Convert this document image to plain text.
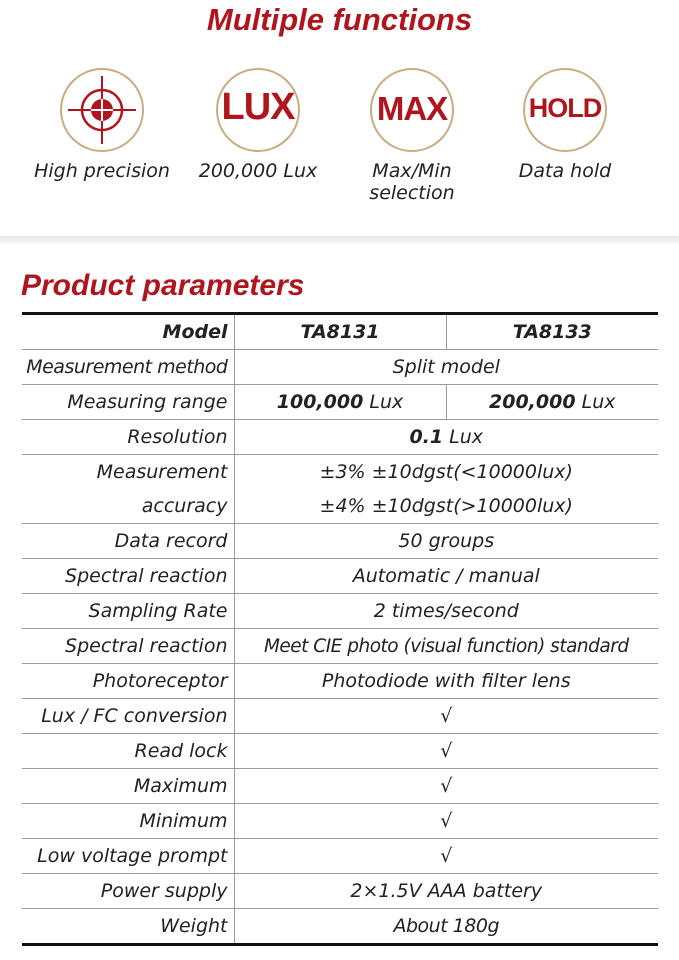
Multiple functions
High precision
LUX
200,000 Lux
MAX
Max/Min selection
HOLD
Data hold
Product parameters
Model	TA8131	TA8133
Measurement method	Split model	
Measuring range	100,000 Lux	200,000 Lux
Resolution	0.1 Lux	
Measurement	±3% ±10dgst(<10000lux)	
accuracy	±4% ±10dgst(>10000lux)	
Data record	50 groups	
Spectral reaction	Automatic / manual	
Sampling Rate	2 times/second	
Spectral reaction	Meet CIE photo (visual function) standard	
Photoreceptor	Photodiode with filter lens	
Lux / FC conversion	√	
Read lock	√	
Maximum	√	
Minimum	√	
Low voltage prompt	√	
Power supply	2×1.5V AAA battery	
Weight	About 180g	
